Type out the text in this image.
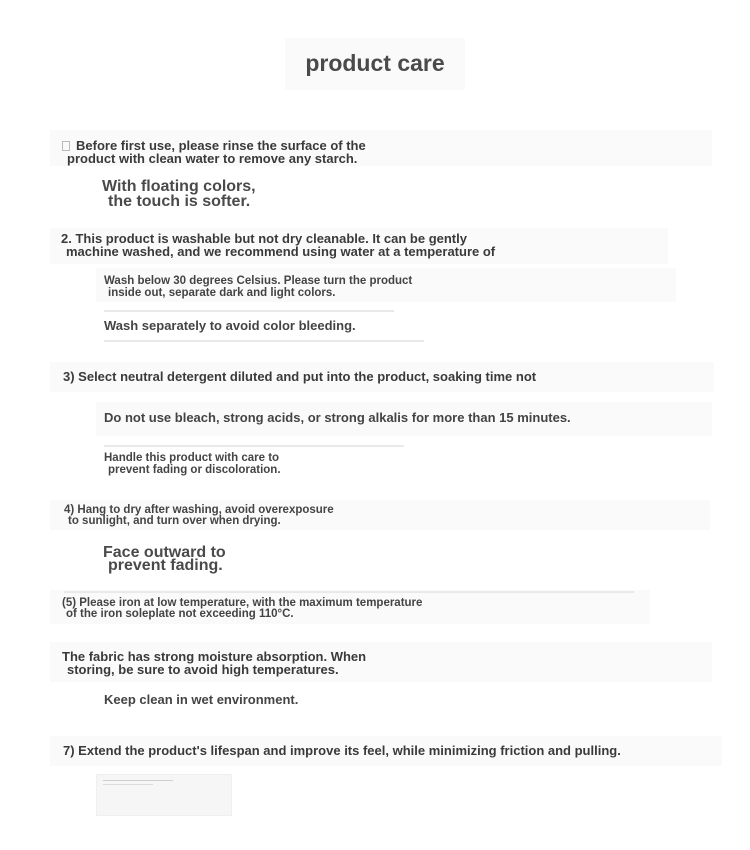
product care
Before first use, please rinse the surface of the
product with clean water to remove any starch.
With floating colors,
the touch is softer.
2. This product is washable but not dry cleanable. It can be gently
machine washed, and we recommend using water at a temperature of
Wash below 30 degrees Celsius. Please turn the product
inside out, separate dark and light colors.
Wash separately to avoid color bleeding.
3) Select neutral detergent diluted and put into the product, soaking time not
Do not use bleach, strong acids, or strong alkalis for more than 15 minutes.
Handle this product with care to
prevent fading or discoloration.
4) Hang to dry after washing, avoid overexposure
to sunlight, and turn over when drying.
Face outward to
prevent fading.
(5) Please iron at low temperature, with the maximum temperature
of the iron soleplate not exceeding 110°C.
The fabric has strong moisture absorption. When
storing, be sure to avoid high temperatures.
Keep clean in wet environment.
7) Extend the product's lifespan and improve its feel, while minimizing friction and pulling.
